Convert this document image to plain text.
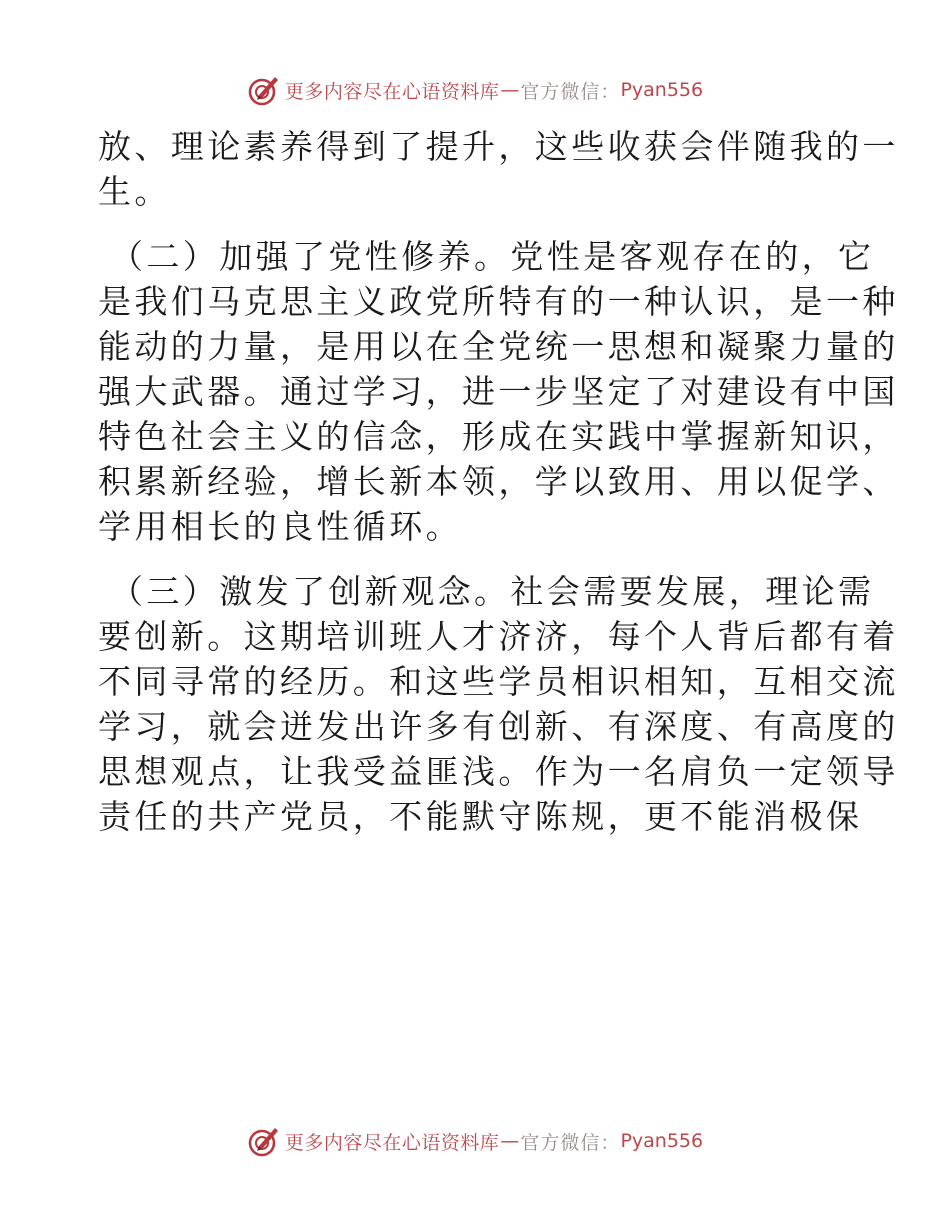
更多内容尽在心语资料库 — 官方微信： Pyan556

放、理论素养得到了提升，这些收获会伴随我的一
生。

（二）加强了党性修养。党性是客观存在的，它
是我们马克思主义政党所特有的一种认识，是一种
能动的力量，是用以在全党统一思想和凝聚力量的
强大武器。通过学习，进一步坚定了对建设有中国
特色社会主义的信念，形成在实践中掌握新知识，
积累新经验，增长新本领，学以致用、用以促学、
学用相长的良性循环。

（三）激发了创新观念。社会需要发展，理论需
要创新。这期培训班人才济济，每个人背后都有着
不同寻常的经历。和这些学员相识相知，互相交流
学习，就会迸发出许多有创新、有深度、有高度的
思想观点，让我受益匪浅。作为一名肩负一定领导
责任的共产党员，不能默守陈规，更不能消极保

更多内容尽在心语资料库 — 官方微信： Pyan556
